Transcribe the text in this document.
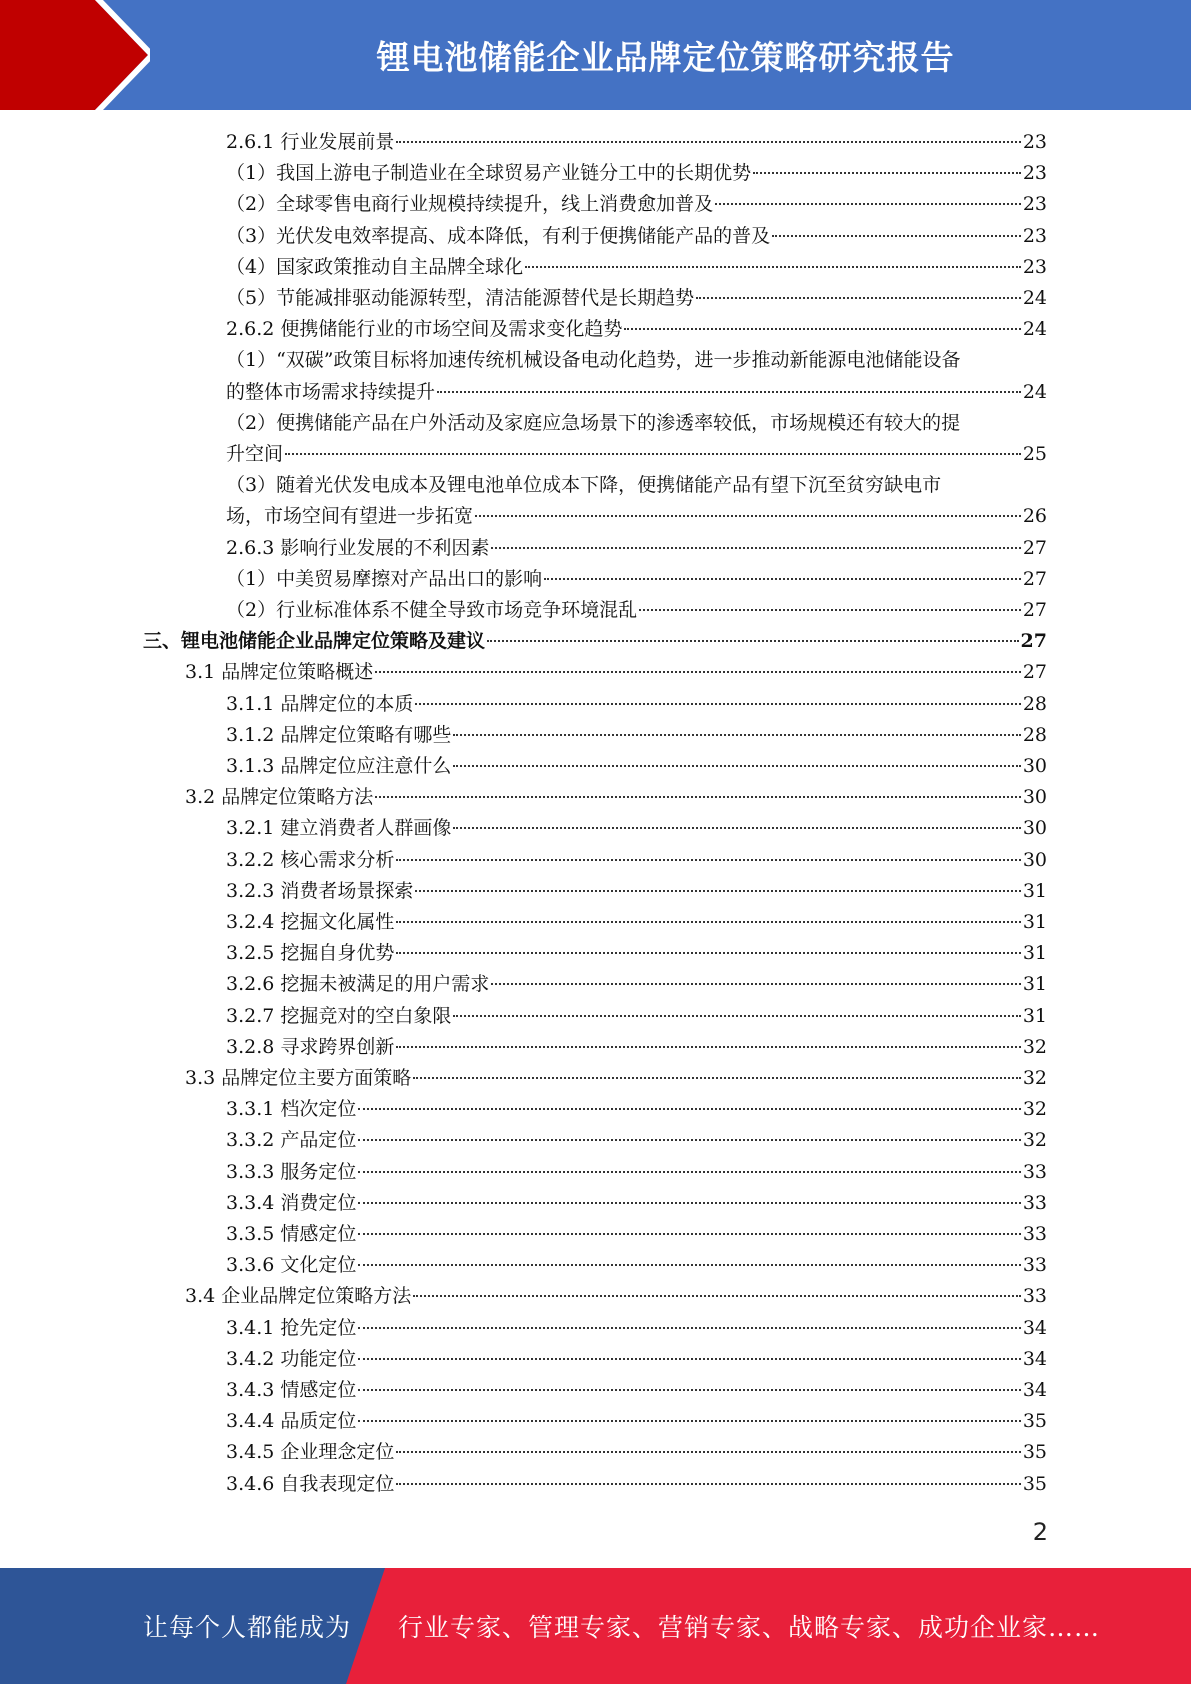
锂电池储能企业品牌定位策略研究报告
2.6.1 行业发展前景	23
（1）我国上游电子制造业在全球贸易产业链分工中的长期优势	23
（2）全球零售电商行业规模持续提升，线上消费愈加普及	23
（3）光伏发电效率提高、成本降低，有利于便携储能产品的普及	23
（4）国家政策推动自主品牌全球化	23
（5）节能减排驱动能源转型，清洁能源替代是长期趋势	24
2.6.2 便携储能行业的市场空间及需求变化趋势	24
（1）“双碳”政策目标将加速传统机械设备电动化趋势，进一步推动新能源电池储能设备
的整体市场需求持续提升	24
（2）便携储能产品在户外活动及家庭应急场景下的渗透率较低，市场规模还有较大的提
升空间	25
（3）随着光伏发电成本及锂电池单位成本下降，便携储能产品有望下沉至贫穷缺电市
场，市场空间有望进一步拓宽	26
2.6.3 影响行业发展的不利因素	27
（1）中美贸易摩擦对产品出口的影响	27
（2）行业标准体系不健全导致市场竞争环境混乱	27
三、锂电池储能企业品牌定位策略及建议	27
3.1 品牌定位策略概述	27
3.1.1 品牌定位的本质	28
3.1.2 品牌定位策略有哪些	28
3.1.3 品牌定位应注意什么	30
3.2 品牌定位策略方法	30
3.2.1 建立消费者人群画像	30
3.2.2 核心需求分析	30
3.2.3 消费者场景探索	31
3.2.4 挖掘文化属性	31
3.2.5 挖掘自身优势	31
3.2.6 挖掘未被满足的用户需求	31
3.2.7 挖掘竞对的空白象限	31
3.2.8 寻求跨界创新	32
3.3 品牌定位主要方面策略	32
3.3.1 档次定位	32
3.3.2 产品定位	32
3.3.3 服务定位	33
3.3.4 消费定位	33
3.3.5 情感定位	33
3.3.6 文化定位	33
3.4 企业品牌定位策略方法	33
3.4.1 抢先定位	34
3.4.2 功能定位	34
3.4.3 情感定位	34
3.4.4 品质定位	35
3.4.5 企业理念定位	35
3.4.6 自我表现定位	35
2
让每个人都能成为 行业专家、管理专家、营销专家、战略专家、成功企业家……
